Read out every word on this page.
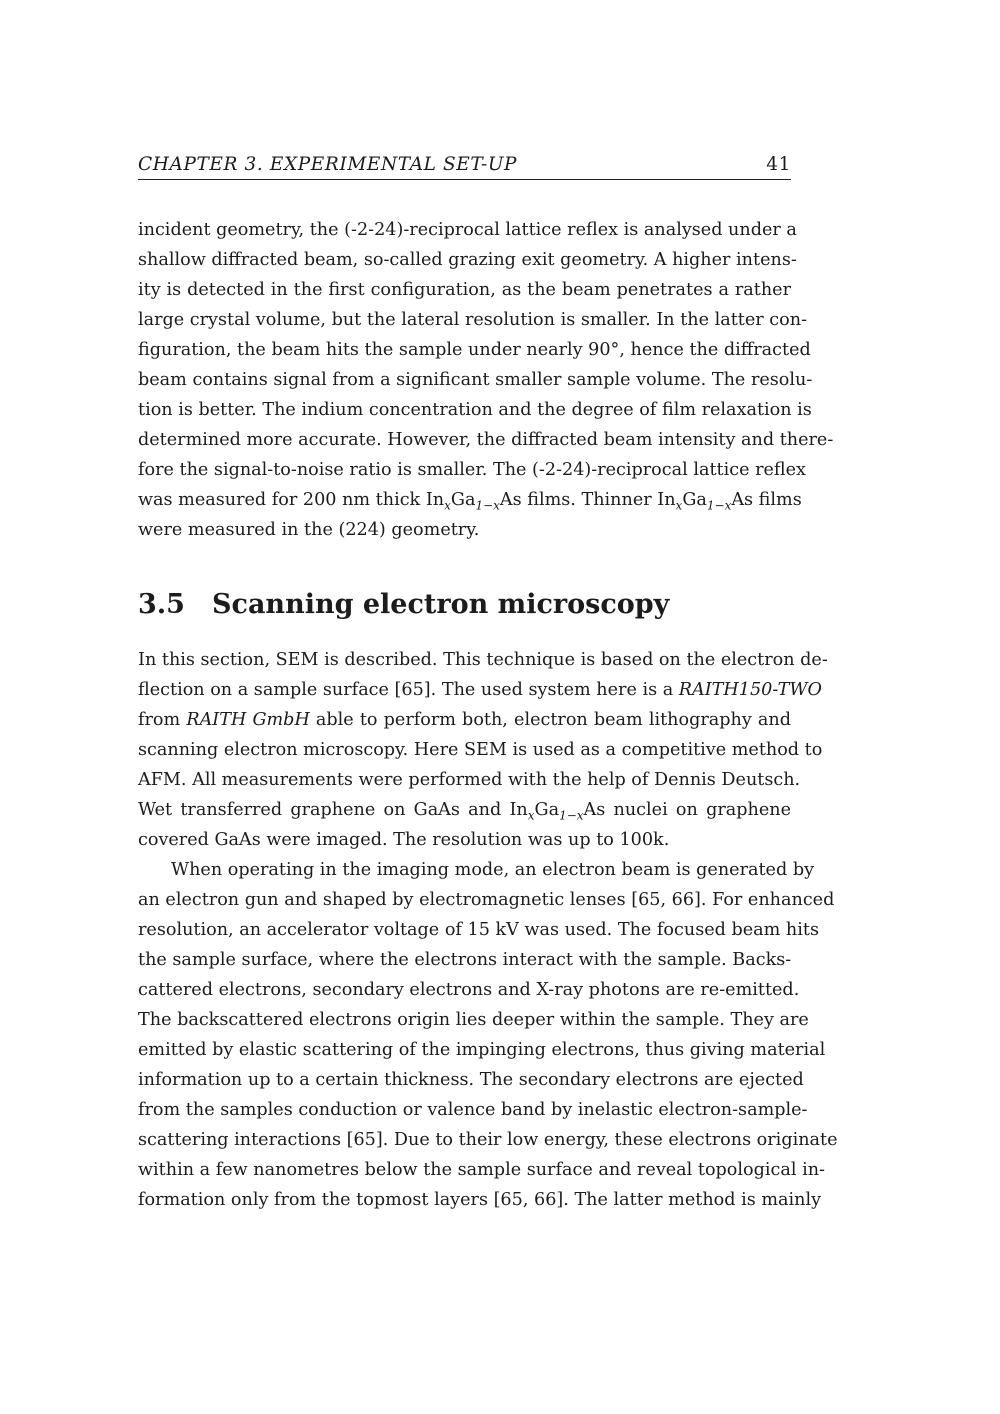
CHAPTER 3. EXPERIMENTAL SET-UP	41
incident geometry, the (-2-24)-reciprocal lattice reflex is analysed under a
shallow diffracted beam, so-called grazing exit geometry. A higher intens-
ity is detected in the first configuration, as the beam penetrates a rather
large crystal volume, but the lateral resolution is smaller. In the latter con-
figuration, the beam hits the sample under nearly 90°, hence the diffracted
beam contains signal from a significant smaller sample volume. The resolu-
tion is better. The indium concentration and the degree of film relaxation is
determined more accurate. However, the diffracted beam intensity and there-
fore the signal-to-noise ratio is smaller. The (-2-24)-reciprocal lattice reflex
was measured for 200 nm thick $In_xGa_{1-x}As$ films. Thinner $In_xGa_{1-x}As$ films
were measured in the (224) geometry.
3.5 Scanning electron microscopy
In this section, SEM is described. This technique is based on the electron de-
flection on a sample surface [65]. The used system here is a RAITH150-TWO
from RAITH GmbH able to perform both, electron beam lithography and
scanning electron microscopy. Here SEM is used as a competitive method to
AFM. All measurements were performed with the help of Dennis Deutsch.
Wet transferred graphene on GaAs and $In_xGa_{1-x}As$ nuclei on graphene
covered GaAs were imaged. The resolution was up to 100k.
When operating in the imaging mode, an electron beam is generated by
an electron gun and shaped by electromagnetic lenses [65, 66]. For enhanced
resolution, an accelerator voltage of 15 kV was used. The focused beam hits
the sample surface, where the electrons interact with the sample. Backs-
cattered electrons, secondary electrons and X-ray photons are re-emitted.
The backscattered electrons origin lies deeper within the sample. They are
emitted by elastic scattering of the impinging electrons, thus giving material
information up to a certain thickness. The secondary electrons are ejected
from the samples conduction or valence band by inelastic electron-sample-
scattering interactions [65]. Due to their low energy, these electrons originate
within a few nanometres below the sample surface and reveal topological in-
formation only from the topmost layers [65, 66]. The latter method is mainly
